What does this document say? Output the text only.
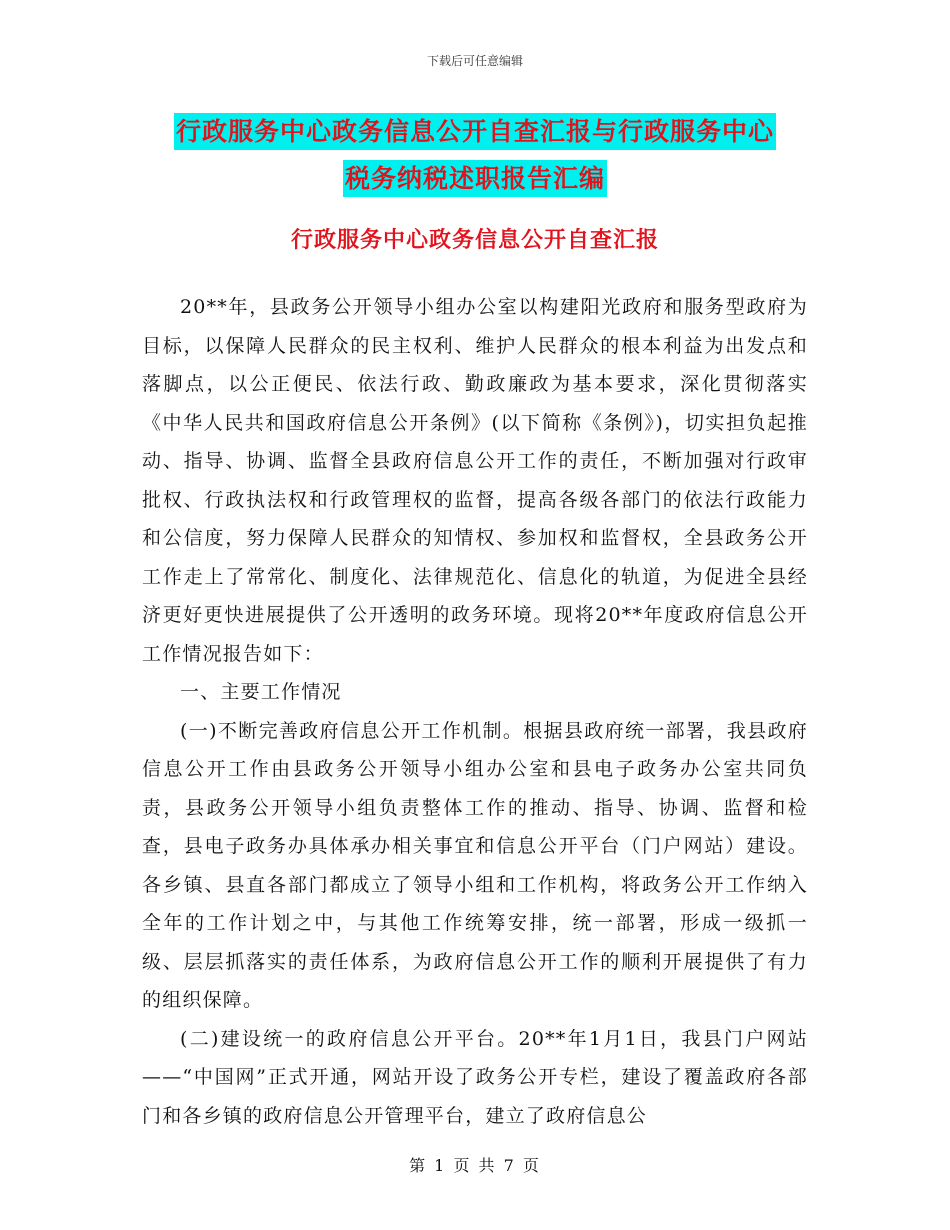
下载后可任意编辑
行政服务中心政务信息公开自查汇报与行政服务中心
税务纳税述职报告汇编
行政服务中心政务信息公开自查汇报

20**年，县政务公开领导小组办公室以构建阳光政府和服务型政府为目标，以保障人民群众的民主权利、维护人民群众的根本利益为出发点和落脚点，以公正便民、依法行政、勤政廉政为基本要求，深化贯彻落实《中华人民共和国政府信息公开条例》(以下简称《条例》)，切实担负起推动、指导、协调、监督全县政府信息公开工作的责任，不断加强对行政审批权、行政执法权和行政管理权的监督，提高各级各部门的依法行政能力和公信度，努力保障人民群众的知情权、参加权和监督权，全县政务公开工作走上了常常化、制度化、法律规范化、信息化的轨道，为促进全县经济更好更快进展提供了公开透明的政务环境。现将20**年度政府信息公开工作情况报告如下：

一、主要工作情况

(一)不断完善政府信息公开工作机制。根据县政府统一部署，我县政府信息公开工作由县政务公开领导小组办公室和县电子政务办公室共同负责，县政务公开领导小组负责整体工作的推动、指导、协调、监督和检查，县电子政务办具体承办相关事宜和信息公开平台（门户网站）建设。各乡镇、县直各部门都成立了领导小组和工作机构，将政务公开工作纳入全年的工作计划之中，与其他工作统筹安排，统一部署，形成一级抓一级、层层抓落实的责任体系，为政府信息公开工作的顺利开展提供了有力的组织保障。

(二)建设统一的政府信息公开平台。20**年1月1日，我县门户网站——“中国网”正式开通，网站开设了政务公开专栏，建设了覆盖政府各部门和各乡镇的政府信息公开管理平台，建立了政府信息公

第 1 页 共 7 页
